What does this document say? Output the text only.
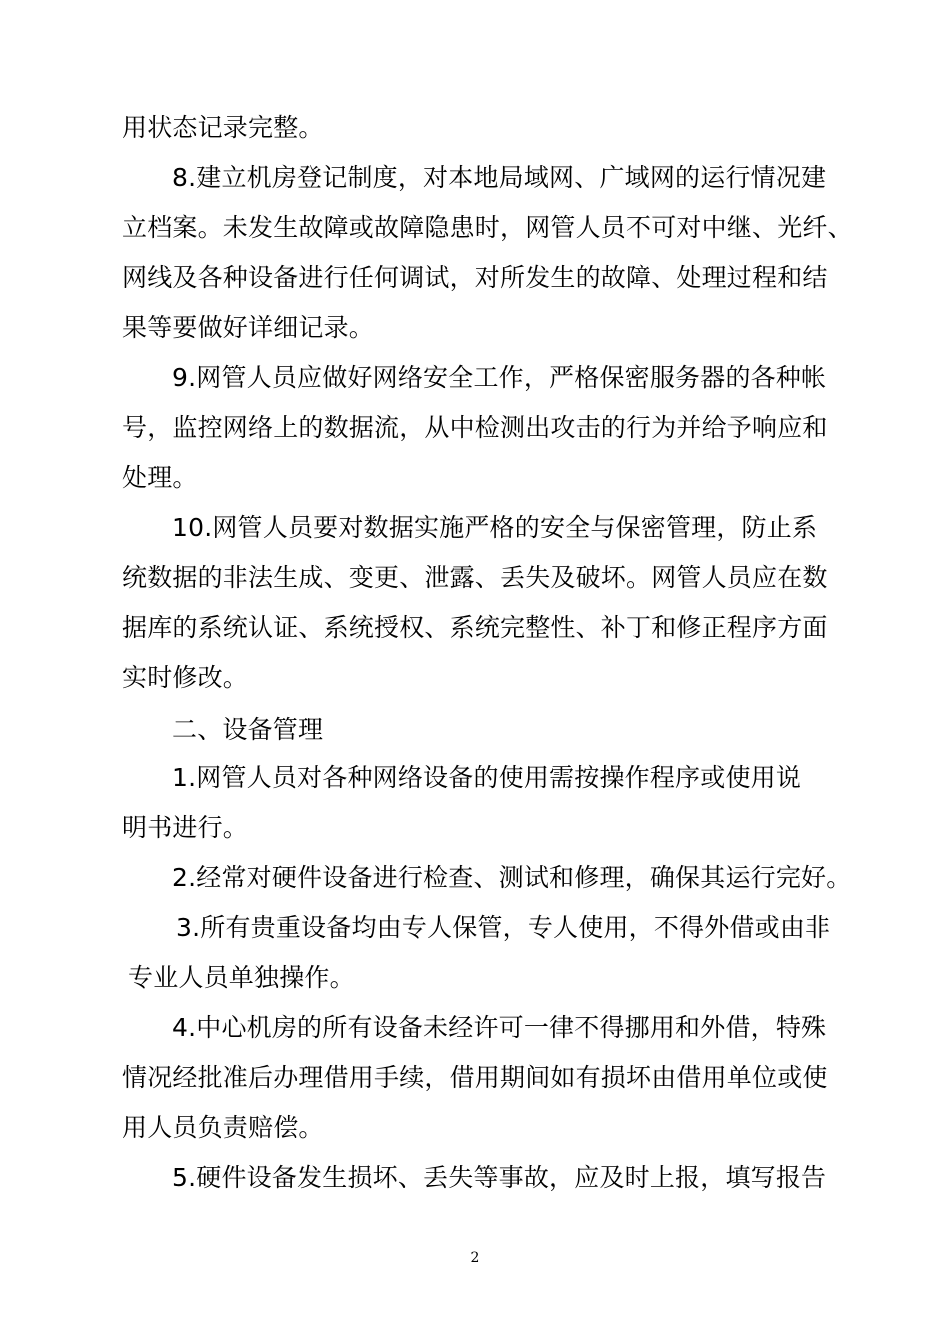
用状态记录完整。
8.建立机房登记制度，对本地局域网、广域网的运行情况建
立档案。未发生故障或故障隐患时，网管人员不可对中继、光纤、
网线及各种设备进行任何调试，对所发生的故障、处理过程和结
果等要做好详细记录。
9.网管人员应做好网络安全工作，严格保密服务器的各种帐
号，监控网络上的数据流，从中检测出攻击的行为并给予响应和
处理。
10.网管人员要对数据实施严格的安全与保密管理，防止系
统数据的非法生成、变更、泄露、丢失及破坏。网管人员应在数
据库的系统认证、系统授权、系统完整性、补丁和修正程序方面
实时修改。
二、设备管理
1.网管人员对各种网络设备的使用需按操作程序或使用说
明书进行。
2.经常对硬件设备进行检查、测试和修理，确保其运行完好。
3.所有贵重设备均由专人保管，专人使用，不得外借或由非
专业人员单独操作。
4.中心机房的所有设备未经许可一律不得挪用和外借，特殊
情况经批准后办理借用手续，借用期间如有损坏由借用单位或使
用人员负责赔偿。
5.硬件设备发生损坏、丢失等事故，应及时上报，填写报告
2
